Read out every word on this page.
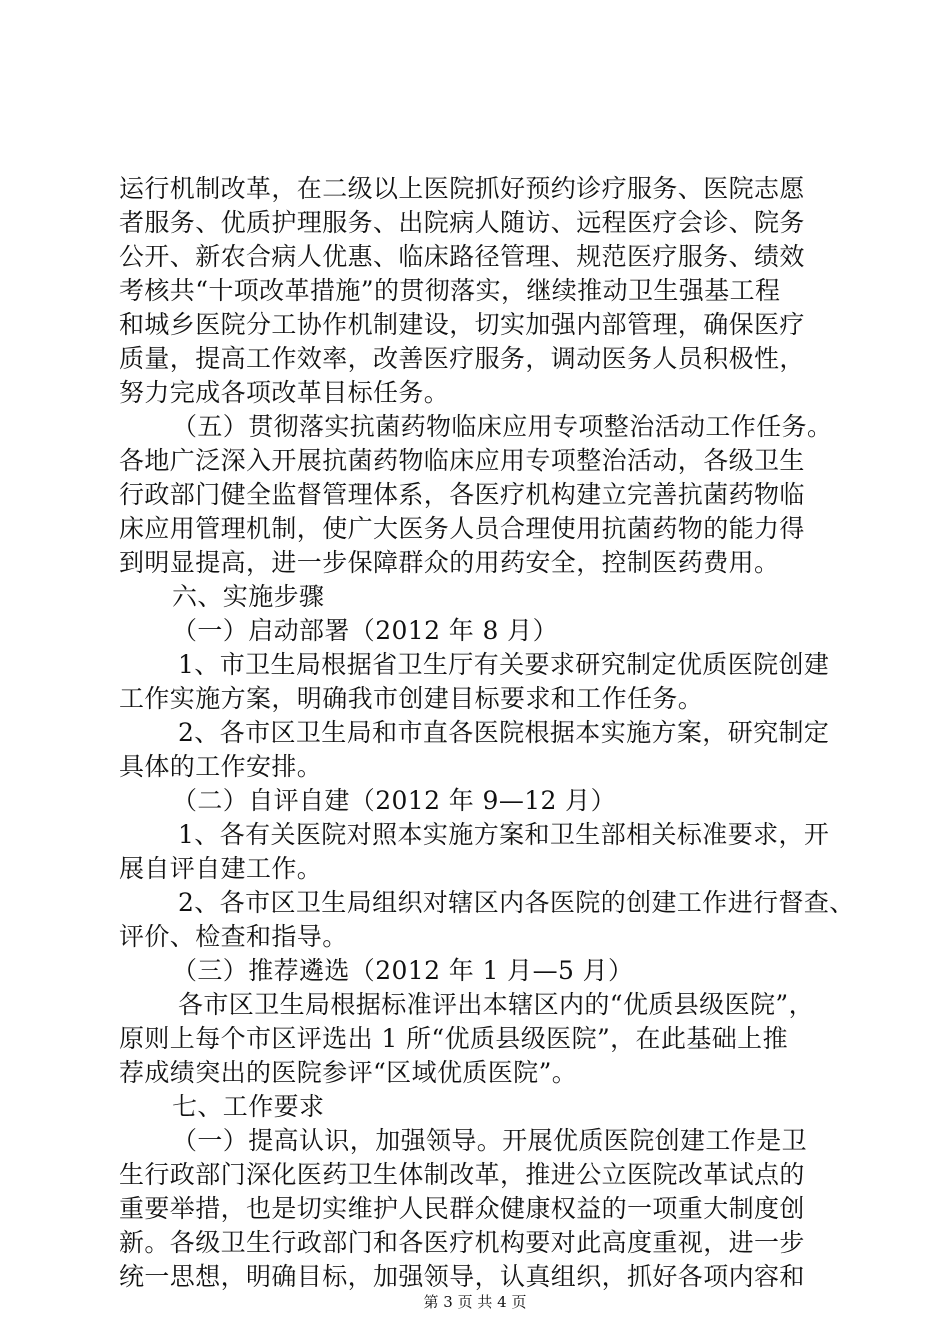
运行机制改革，在二级以上医院抓好预约诊疗服务、医院志愿
者服务、优质护理服务、出院病人随访、远程医疗会诊、院务
公开、新农合病人优惠、临床路径管理、规范医疗服务、绩效
考核共“十项改革措施”的贯彻落实，继续推动卫生强基工程
和城乡医院分工协作机制建设，切实加强内部管理，确保医疗
质量，提高工作效率，改善医疗服务，调动医务人员积极性，
努力完成各项改革目标任务。
（五）贯彻落实抗菌药物临床应用专项整治活动工作任务。
各地广泛深入开展抗菌药物临床应用专项整治活动，各级卫生
行政部门健全监督管理体系，各医疗机构建立完善抗菌药物临
床应用管理机制，使广大医务人员合理使用抗菌药物的能力得
到明显提高，进一步保障群众的用药安全，控制医药费用。
六、实施步骤
（一）启动部署（2012 年 8 月）
1、市卫生局根据省卫生厅有关要求研究制定优质医院创建
工作实施方案，明确我市创建目标要求和工作任务。
2、各市区卫生局和市直各医院根据本实施方案，研究制定
具体的工作安排。
（二）自评自建（2012 年 9—12 月）
1、各有关医院对照本实施方案和卫生部相关标准要求，开
展自评自建工作。
2、各市区卫生局组织对辖区内各医院的创建工作进行督查、
评价、检查和指导。
（三）推荐遴选（2012 年 1 月—5 月）
各市区卫生局根据标准评出本辖区内的“优质县级医院”，
原则上每个市区评选出 1 所“优质县级医院”，在此基础上推
荐成绩突出的医院参评“区域优质医院”。
七、工作要求
（一）提高认识，加强领导。开展优质医院创建工作是卫
生行政部门深化医药卫生体制改革，推进公立医院改革试点的
重要举措，也是切实维护人民群众健康权益的一项重大制度创
新。各级卫生行政部门和各医疗机构要对此高度重视，进一步
统一思想，明确目标，加强领导，认真组织，抓好各项内容和
第 3 页 共 4 页
